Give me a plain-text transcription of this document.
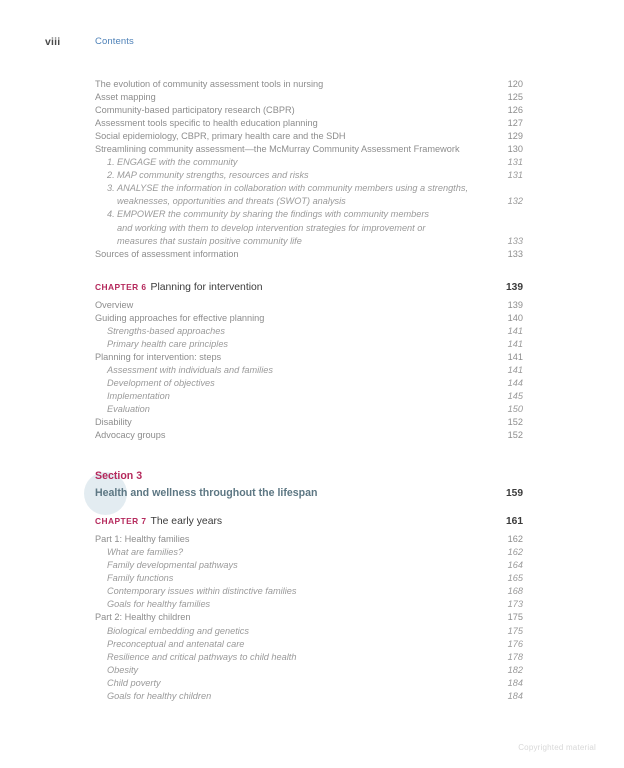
viii	Contents
The evolution of community assessment tools in nursing	120
Asset mapping	125
Community-based participatory research (CBPR)	126
Assessment tools specific to health education planning	127
Social epidemiology, CBPR, primary health care and the SDH	129
Streamlining community assessment—the McMurray Community Assessment Framework	130
1. ENGAGE with the community	131
2. MAP community strengths, resources and risks	131
3. ANALYSE the information in collaboration with community members using a strengths,
weaknesses, opportunities and threats (SWOT) analysis	132
4. EMPOWER the community by sharing the findings with community members
and working with them to develop intervention strategies for improvement or
measures that sustain positive community life	133
Sources of assessment information	133
CHAPTER 6 Planning for intervention	139
Overview	139
Guiding approaches for effective planning	140
Strengths-based approaches	141
Primary health care principles	141
Planning for intervention: steps	141
Assessment with individuals and families	141
Development of objectives	144
Implementation	145
Evaluation	150
Disability	152
Advocacy groups	152
Section 3
Health and wellness throughout the lifespan	159
CHAPTER 7 The early years	161
Part 1: Healthy families	162
What are families?	162
Family developmental pathways	164
Family functions	165
Contemporary issues within distinctive families	168
Goals for healthy families	173
Part 2: Healthy children	175
Biological embedding and genetics	175
Preconceptual and antenatal care	176
Resilience and critical pathways to child health	178
Obesity	182
Child poverty	184
Goals for healthy children	184
Copyrighted material
